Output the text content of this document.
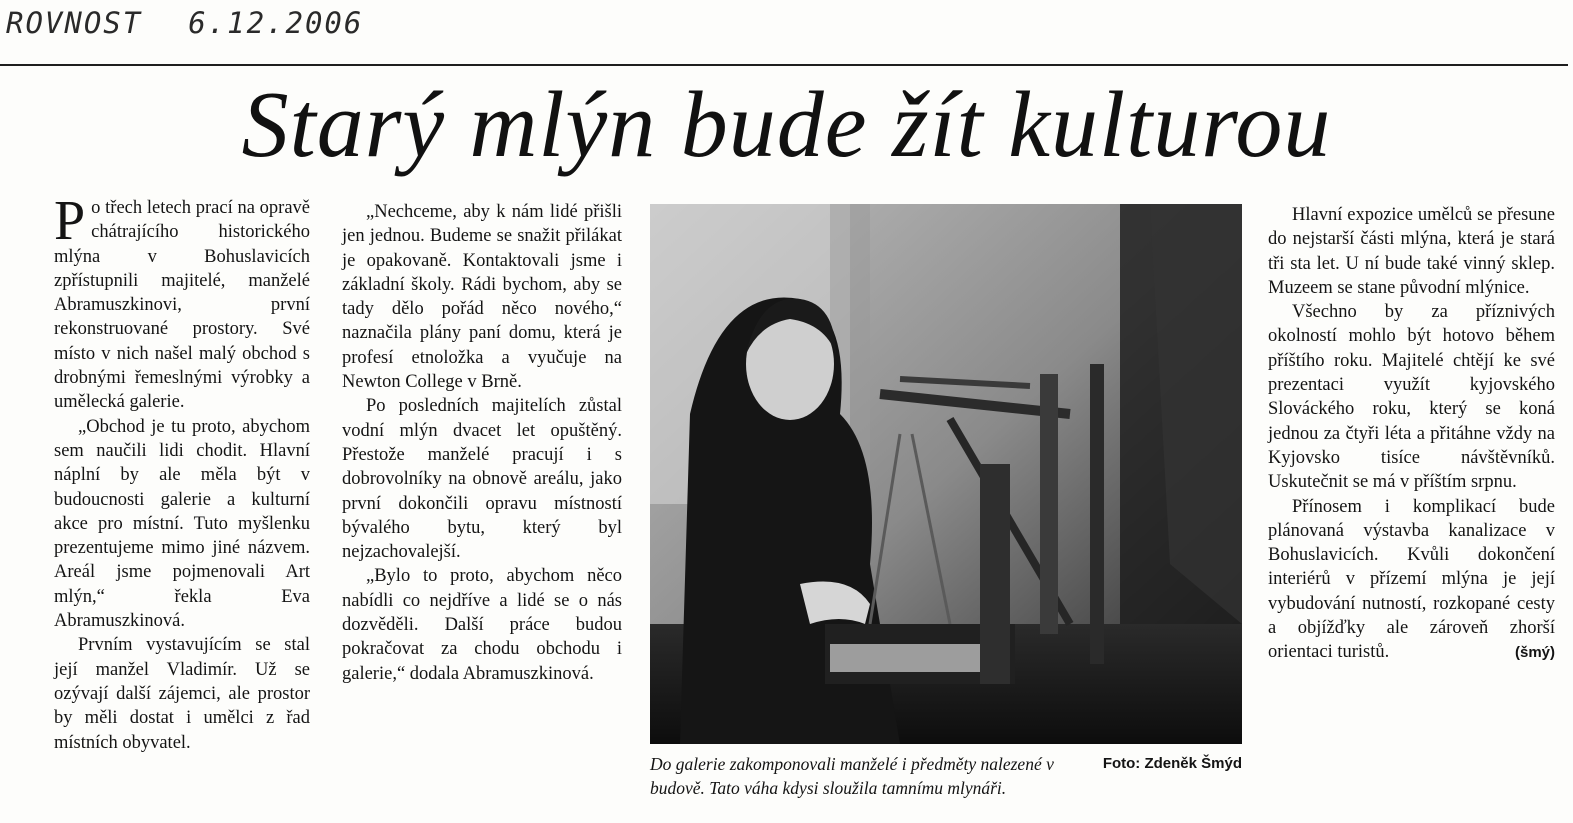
ROVNOST 6.12.2006

Starý mlýn bude žít kulturou

Po třech letech prací na opravě chátrajícího historického mlýna v Bohuslavicích zpřístupnili majitelé, manželé Abramuszkinovi, první rekonstruované prostory. Své místo v nich našel malý obchod s drobnými řemeslnými výrobky a umělecká galerie.

„Obchod je tu proto, abychom sem naučili lidi chodit. Hlavní náplní by ale měla být v budoucnosti galerie a kulturní akce pro místní. Tuto myšlenku prezentujeme mimo jiné názvem. Areál jsme pojmenovali Art mlýn,“ řekla Eva Abramuszkinová.

Prvním vystavujícím se stal její manžel Vladimír. Už se ozývají další zájemci, ale prostor by měli dostat i umělci z řad místních obyvatel.

„Nechceme, aby k nám lidé přišli jen jednou. Budeme se snažit přilákat je opakovaně. Kontaktovali jsme i základní školy. Rádi bychom, aby se tady dělo pořád něco nového,“ naznačila plány paní domu, která je profesí etnoložka a vyučuje na Newton College v Brně.

Po posledních majitelích zůstal vodní mlýn dvacet let opuštěný. Přestože manželé pracují i s dobrovolníky na obnově areálu, jako první dokončili opravu místností bývalého bytu, který byl nejzachovalejší.

„Bylo to proto, abychom něco nabídli co nejdříve a lidé se o nás dozvěděli. Další práce budou pokračovat za chodu obchodu i galerie,“ dodala Abramuszkinová.

Foto: Zdeněk Šmýd
Do galerie zakomponovali manželé i předměty nalezené v budově. Tato váha kdysi sloužila tamnímu mlynáři.

Hlavní expozice umělců se přesune do nejstarší části mlýna, která je stará tři sta let. U ní bude také vinný sklep. Muzeem se stane původní mlýnice.

Všechno by za příznivých okolností mohlo být hotovo během příštího roku. Majitelé chtějí ke své prezentaci využít kyjovského Slováckého roku, který se koná jednou za čtyři léta a přitáhne vždy na Kyjovsko tisíce návštěvníků. Uskutečnit se má v příštím srpnu.

Přínosem i komplikací bude plánovaná výstavba kanalizace v Bohuslavicích. Kvůli dokončení interiérů v přízemí mlýna je její vybudování nutností, rozkopané cesty a objížďky ale zároveň zhorší orientaci turistů.	(šmý)
